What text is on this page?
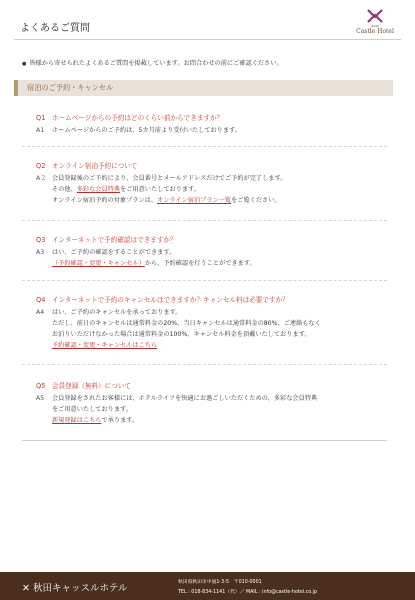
よくあるご質問	Akita
Castle Hotel
● 皆様から寄せられたよくあるご質問を掲載しています。お問合わせの前にご確認ください。
宿泊のご予約・キャンセル
Q1 ホームページからの予約はどのくらい前からできますか？
A1 ホームページからのご予約は、5カ月前より受付いたしております。
Q2 オンライン宿泊予約について
A２ 会員登録後のご予約により、会員番号とメールアドレスだけでご予約が完了します。
その他、多彩な会員特典をご用意いたしております。
オンライン宿泊予約の対象プランは、オンライン宿泊プラン一覧をご覧ください。
Q3 インターネットで予約確認はできますか？
A3 はい、ご予約の確認をすることができます。
（予約確認・変更・キャンセル）から、予約確認を行うことができます。
Q4 インターネットで予約のキャンセルはできますか？キャンセル料は必要ですか？
A4 はい、ご予約のキャンセルを承っております。
ただし、前日のキャンセルは通常料金の20%、当日キャンセルは通常料金の80%、ご連絡もなく
お泊りいただけなかった場合は通常料金の100%、キャンセル料金を頂戴いたしております。
予約確認・変更・キャンセルはこちら
Q5 会員登録（無料）について
A5 会員登録をされたお客様には、ホテルライフを快適にお過ごしいただくための、多彩な会員特典
をご用意いたしております。
新規登録はこちらで承ります。
✕ 秋田キャッスルホテル
秋田県秋田市中通1-3-5　〒010-0001
TEL : 018-834-1141（代）／ MAIL : info@castle-hotel.co.jp
